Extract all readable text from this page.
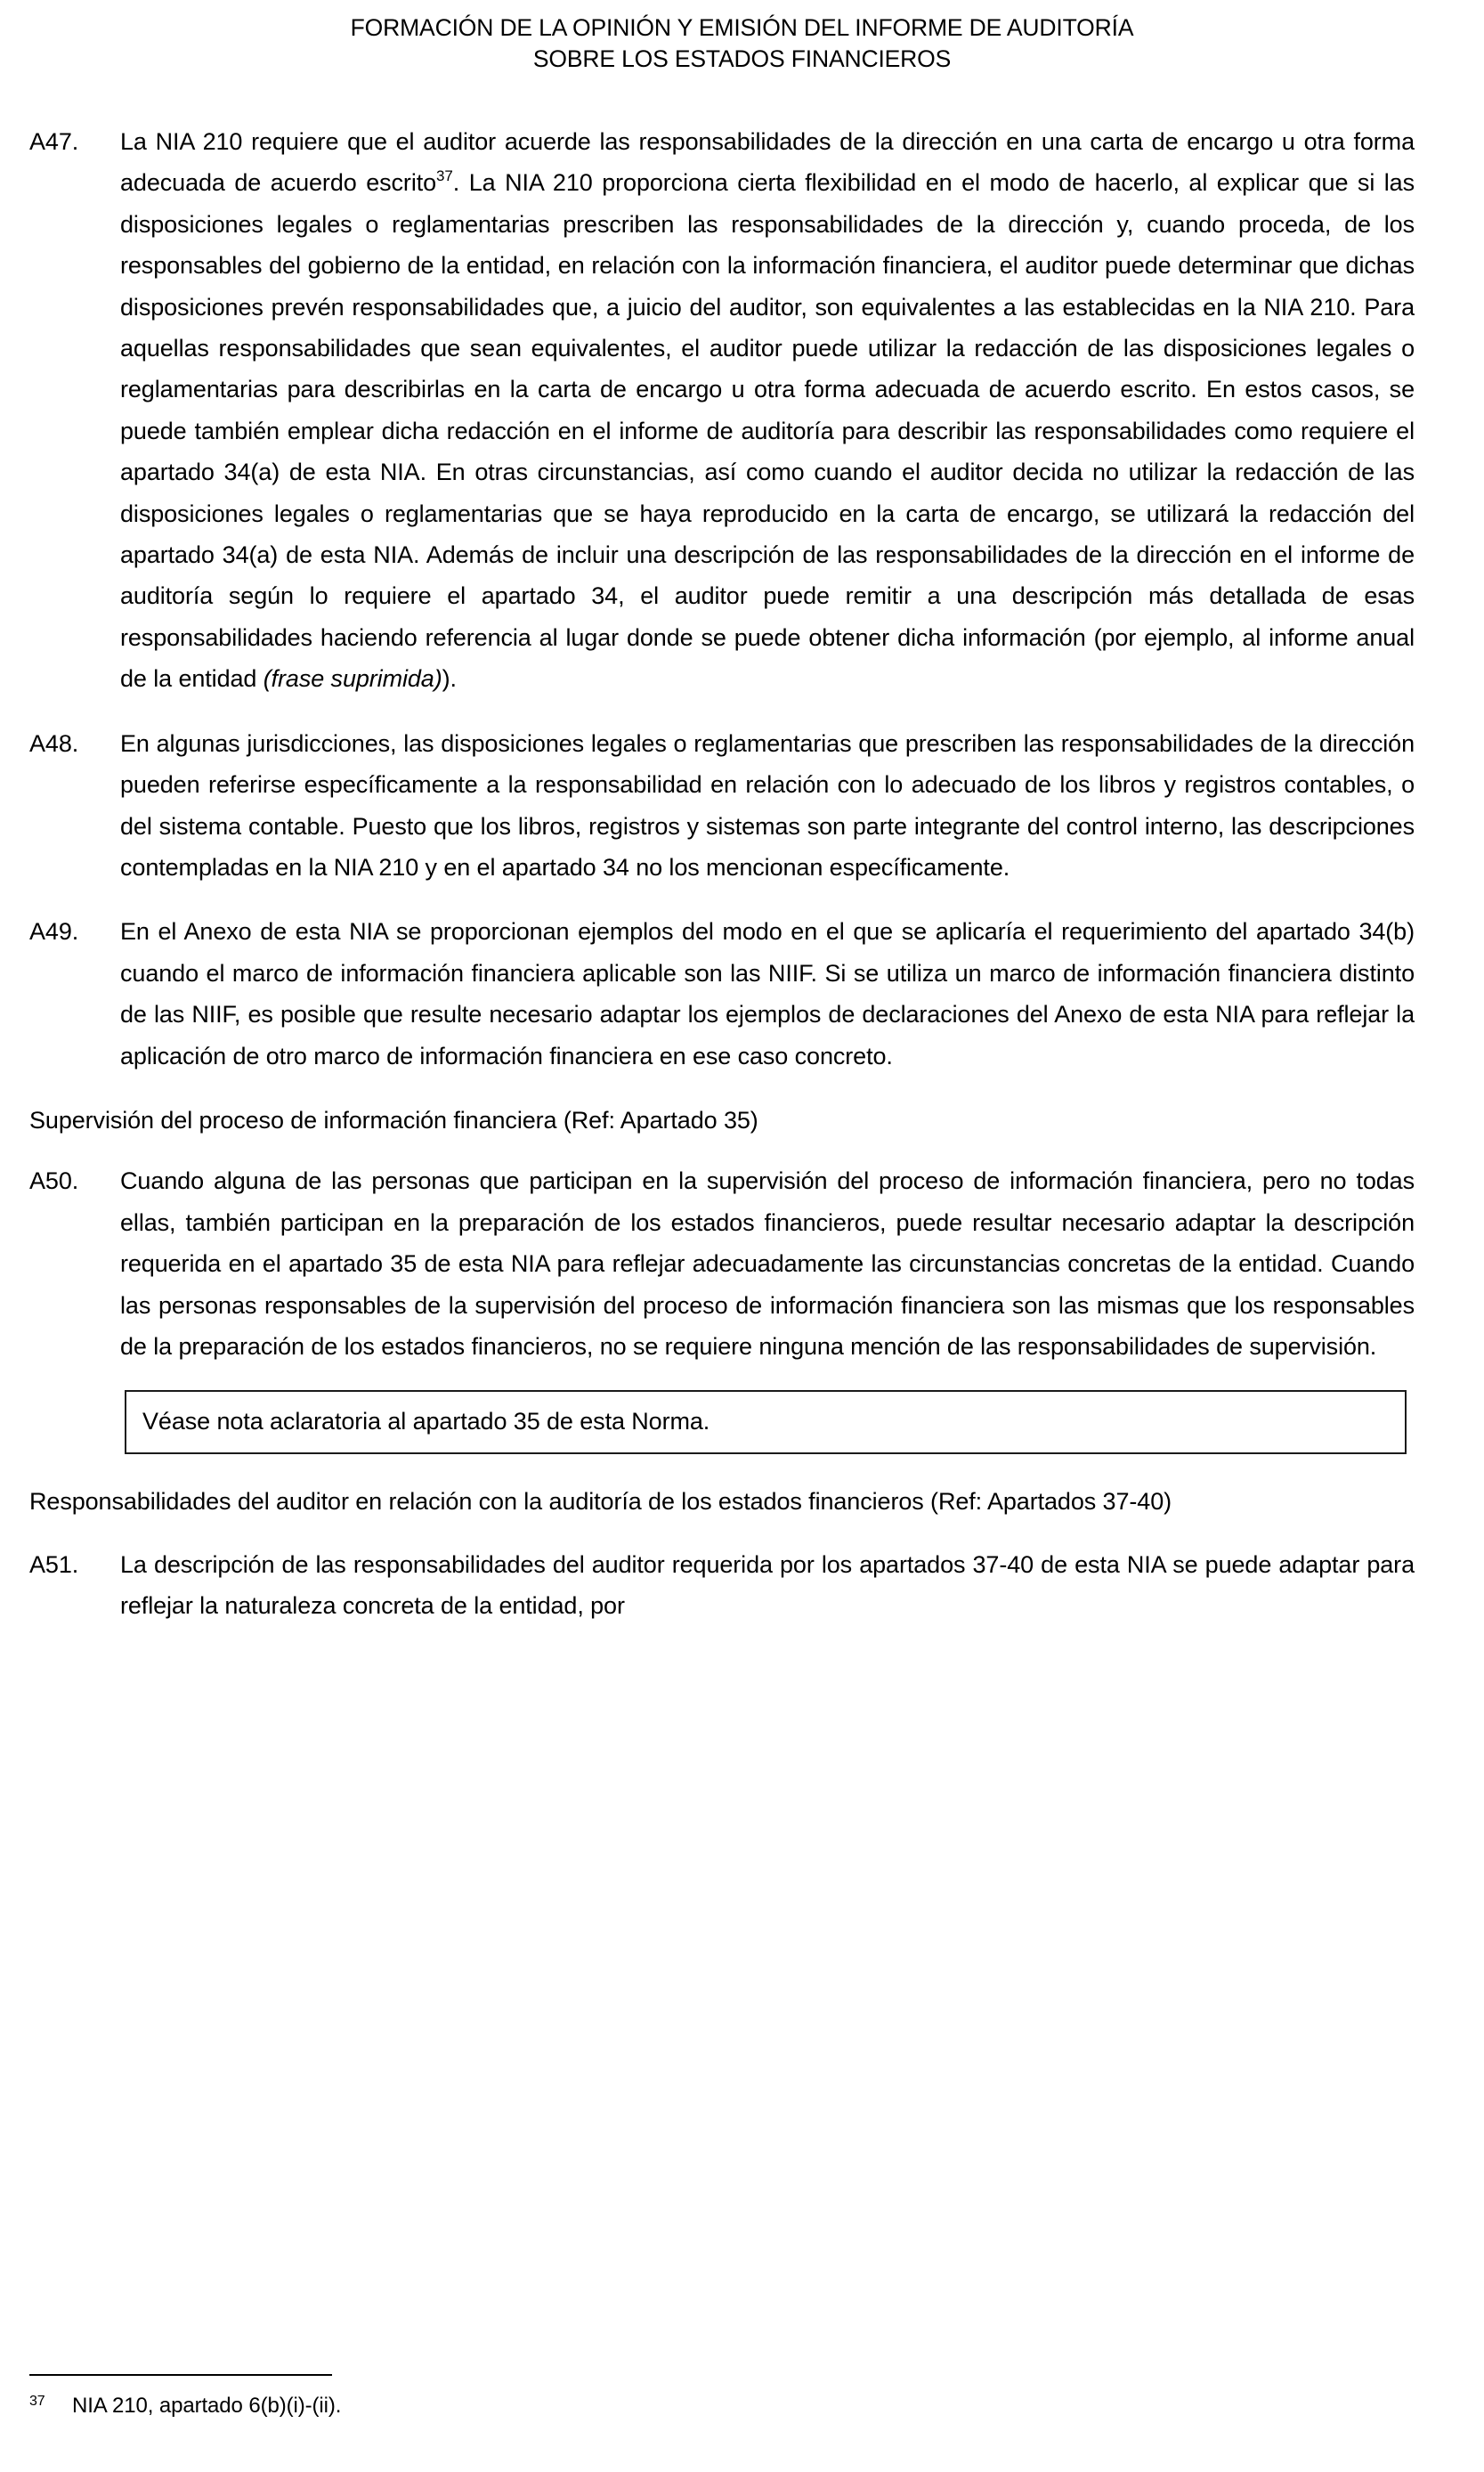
FORMACIÓN DE LA OPINIÓN Y EMISIÓN DEL INFORME DE AUDITORÍA
SOBRE LOS ESTADOS FINANCIEROS
A47.	La NIA 210 requiere que el auditor acuerde las responsabilidades de la dirección en una carta de encargo u otra forma adecuada de acuerdo escrito$^{37}$. La NIA 210 proporciona cierta flexibilidad en el modo de hacerlo, al explicar que si las disposiciones legales o reglamentarias prescriben las responsabilidades de la dirección y, cuando proceda, de los responsables del gobierno de la entidad, en relación con la información financiera, el auditor puede determinar que dichas disposiciones prevén responsabilidades que, a juicio del auditor, son equivalentes a las establecidas en la NIA 210. Para aquellas responsabilidades que sean equivalentes, el auditor puede utilizar la redacción de las disposiciones legales o reglamentarias para describirlas en la carta de encargo u otra forma adecuada de acuerdo escrito. En estos casos, se puede también emplear dicha redacción en el informe de auditoría para describir las responsabilidades como requiere el apartado 34(a) de esta NIA. En otras circunstancias, así como cuando el auditor decida no utilizar la redacción de las disposiciones legales o reglamentarias que se haya reproducido en la carta de encargo, se utilizará la redacción del apartado 34(a) de esta NIA. Además de incluir una descripción de las responsabilidades de la dirección en el informe de auditoría según lo requiere el apartado 34, el auditor puede remitir a una descripción más detallada de esas responsabilidades haciendo referencia al lugar donde se puede obtener dicha información (por ejemplo, al informe anual de la entidad (frase suprimida)).
A48.	En algunas jurisdicciones, las disposiciones legales o reglamentarias que prescriben las responsabilidades de la dirección pueden referirse específicamente a la responsabilidad en relación con lo adecuado de los libros y registros contables, o del sistema contable. Puesto que los libros, registros y sistemas son parte integrante del control interno, las descripciones contempladas en la NIA 210 y en el apartado 34 no los mencionan específicamente.
A49.	En el Anexo de esta NIA se proporcionan ejemplos del modo en el que se aplicaría el requerimiento del apartado 34(b) cuando el marco de información financiera aplicable son las NIIF. Si se utiliza un marco de información financiera distinto de las NIIF, es posible que resulte necesario adaptar los ejemplos de declaraciones del Anexo de esta NIA para reflejar la aplicación de otro marco de información financiera en ese caso concreto.
Supervisión del proceso de información financiera (Ref: Apartado 35)
A50.	Cuando alguna de las personas que participan en la supervisión del proceso de información financiera, pero no todas ellas, también participan en la preparación de los estados financieros, puede resultar necesario adaptar la descripción requerida en el apartado 35 de esta NIA para reflejar adecuadamente las circunstancias concretas de la entidad. Cuando las personas responsables de la supervisión del proceso de información financiera son las mismas que los responsables de la preparación de los estados financieros, no se requiere ninguna mención de las responsabilidades de supervisión.
Véase nota aclaratoria al apartado 35 de esta Norma.
Responsabilidades del auditor en relación con la auditoría de los estados financieros (Ref: Apartados 37-40)
A51.	La descripción de las responsabilidades del auditor requerida por los apartados 37-40 de esta NIA se puede adaptar para reflejar la naturaleza concreta de la entidad, por
37 NIA 210, apartado 6(b)(i)-(ii).
